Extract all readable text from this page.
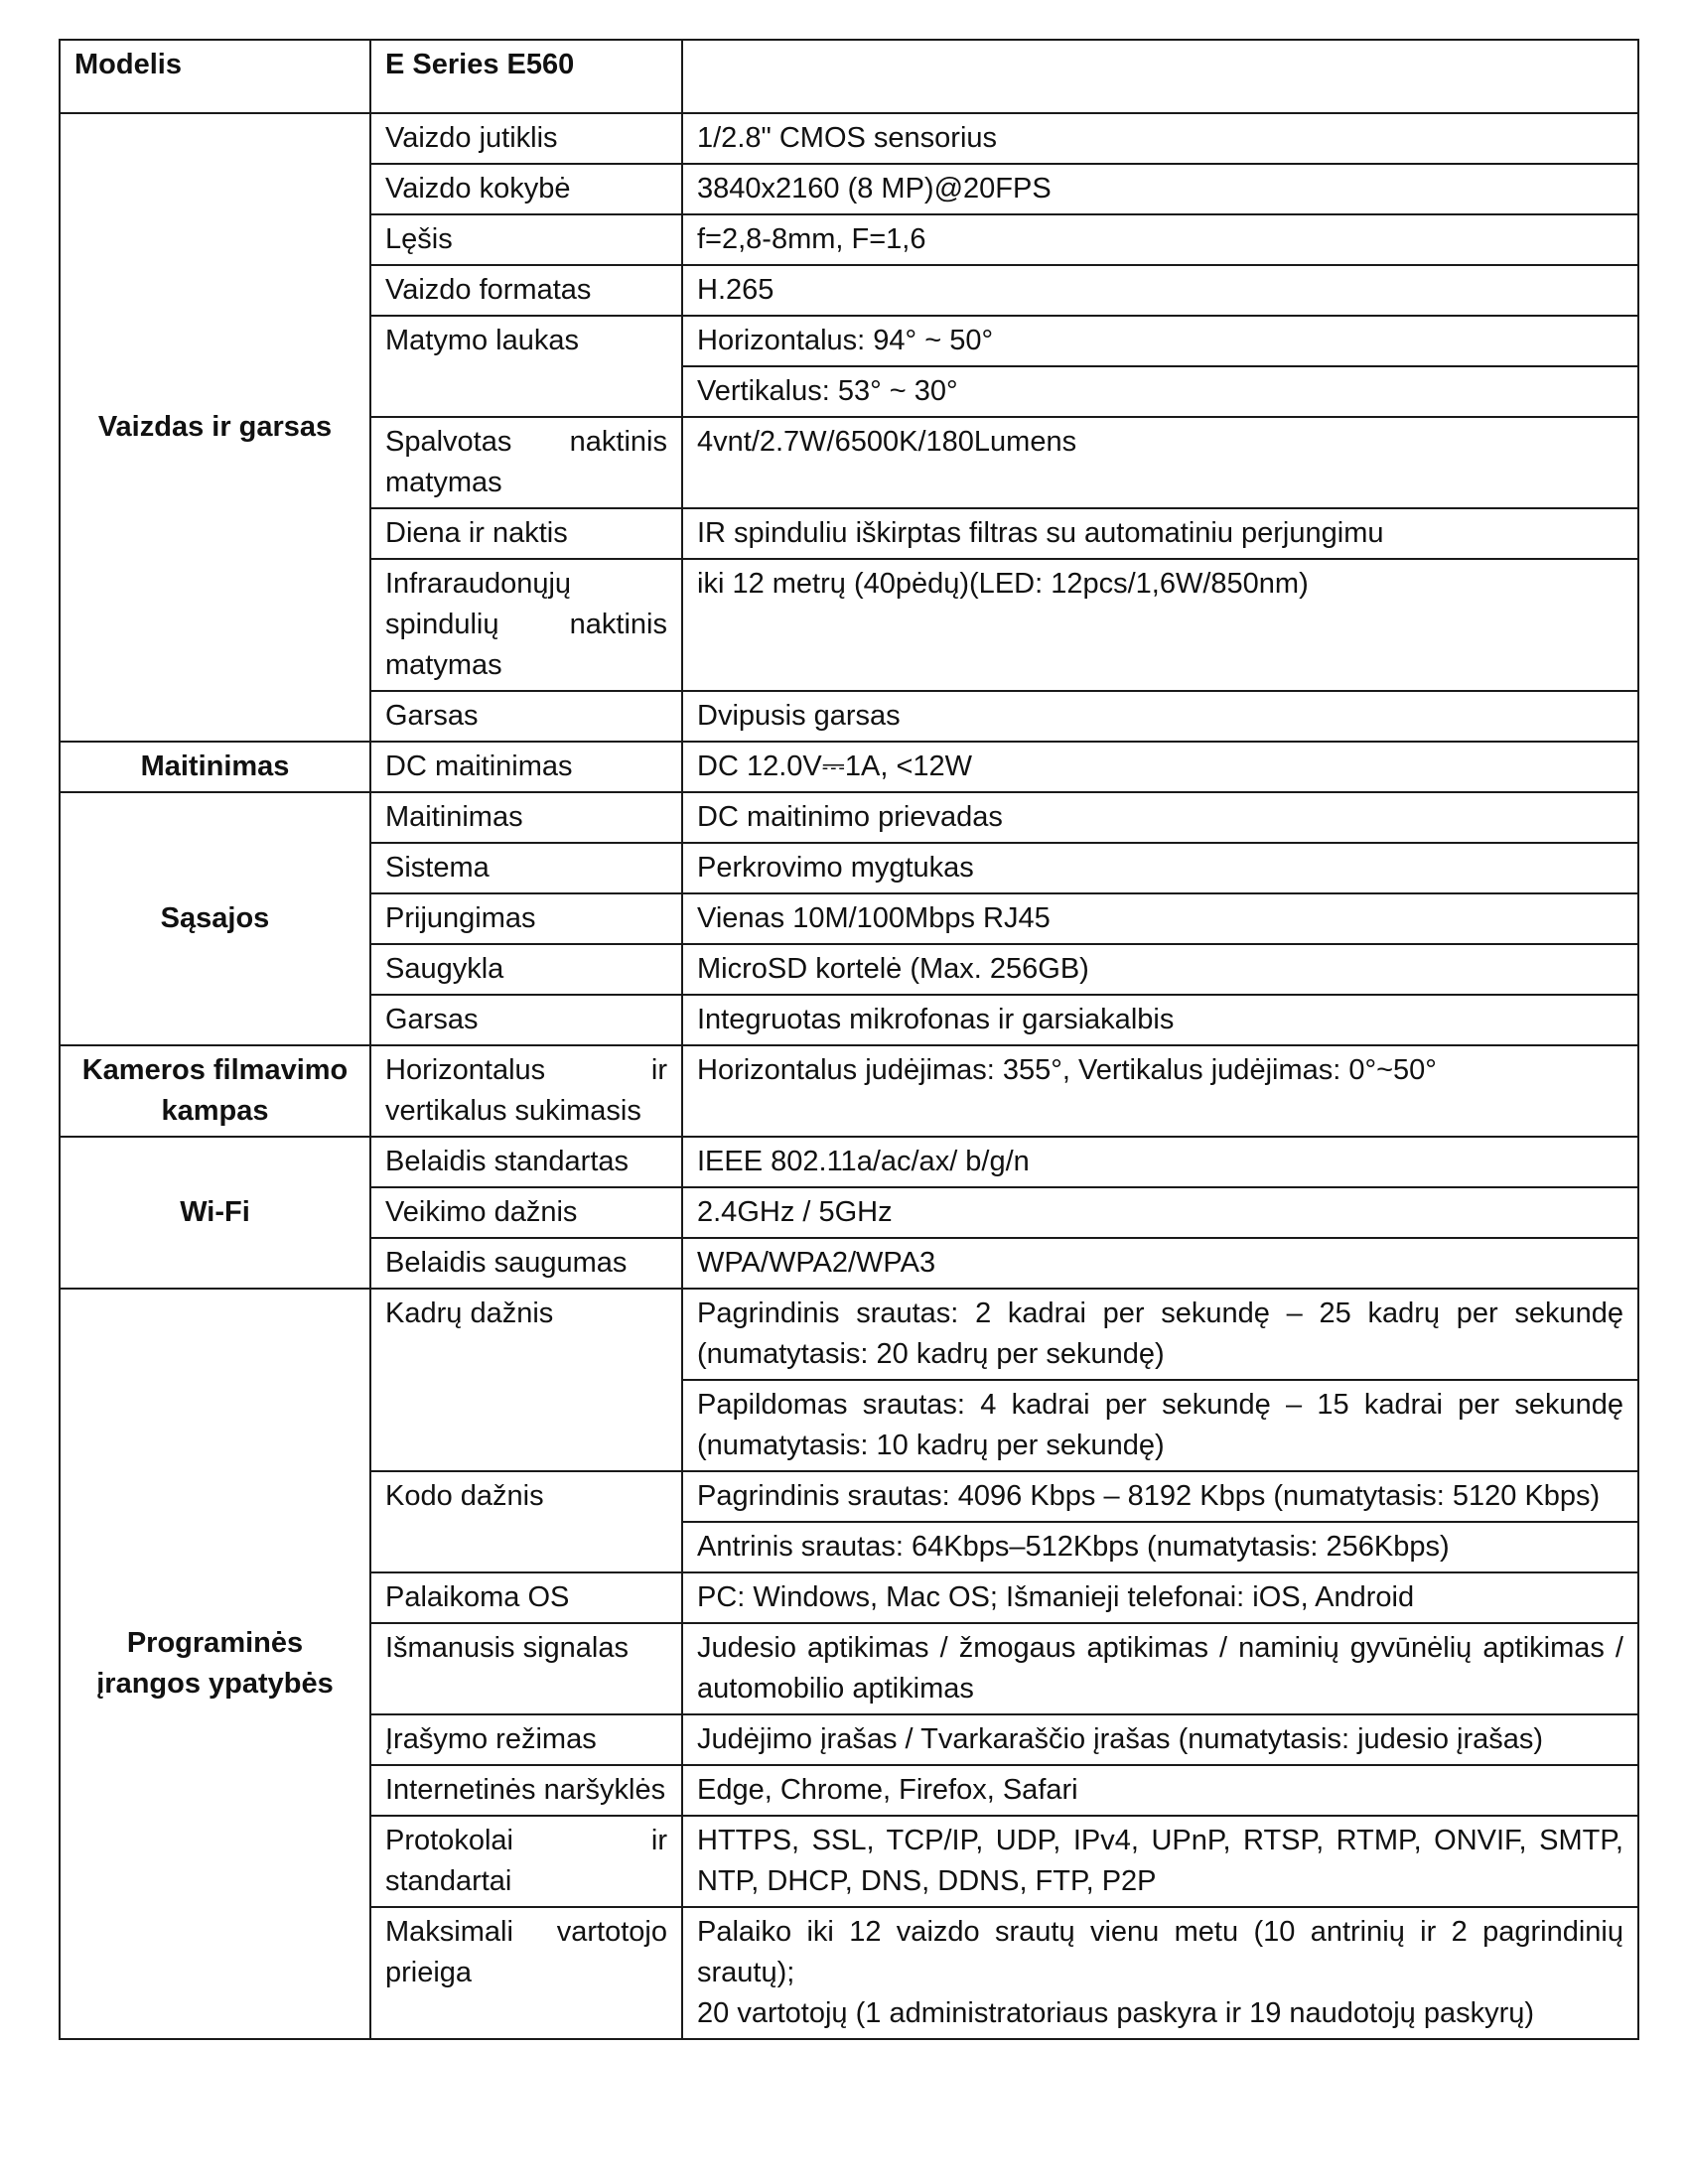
Modelis	E Series E560	
Vaizdas ir garsas	Vaizdo jutiklis	1/2.8" CMOS sensorius
	Vaizdo kokybė	3840x2160 (8 MP)@20FPS
	Lęšis	f=2,8-8mm, F=1,6
	Vaizdo formatas	H.265
	Matymo laukas	Horizontalus: 94° ~ 50°
		Vertikalus: 53° ~ 30°
	Spalvotas naktinis matymas	4vnt/2.7W/6500K/180Lumens
	Diena ir naktis	IR spinduliu iškirptas filtras su automatiniu perjungimu
	Infraraudonųjų spindulių naktinis matymas	iki 12 metrų (40pėdų)(LED: 12pcs/1,6W/850nm)
	Garsas	Dvipusis garsas
Maitinimas	DC maitinimas	DC 12.0V⎓1A, <12W
Sąsajos	Maitinimas	DC maitinimo prievadas
	Sistema	Perkrovimo mygtukas
	Prijungimas	Vienas 10M/100Mbps RJ45
	Saugykla	MicroSD kortelė (Max. 256GB)
	Garsas	Integruotas mikrofonas ir garsiakalbis
Kameros filmavimo kampas	Horizontalus ir vertikalus sukimasis	Horizontalus judėjimas: 355°, Vertikalus judėjimas: 0°~50°
Wi-Fi	Belaidis standartas	IEEE 802.11a/ac/ax/ b/g/n
	Veikimo dažnis	2.4GHz / 5GHz
	Belaidis saugumas	WPA/WPA2/WPA3
Programinės įrangos ypatybės	Kadrų dažnis	Pagrindinis srautas: 2 kadrai per sekundę – 25 kadrų per sekundę (numatytasis: 20 kadrų per sekundę)
		Papildomas srautas: 4 kadrai per sekundę – 15 kadrai per sekundę (numatytasis: 10 kadrų per sekundę)
	Kodo dažnis	Pagrindinis srautas: 4096 Kbps – 8192 Kbps (numatytasis: 5120 Kbps)
		Antrinis srautas: 64Kbps–512Kbps (numatytasis: 256Kbps)
	Palaikoma OS	PC: Windows, Mac OS; Išmanieji telefonai: iOS, Android
	Išmanusis signalas	Judesio aptikimas / žmogaus aptikimas / naminių gyvūnėlių aptikimas / automobilio aptikimas
	Įrašymo režimas	Judėjimo įrašas / Tvarkaraščio įrašas (numatytasis: judesio įrašas)
	Internetinės naršyklės	Edge, Chrome, Firefox, Safari
	Protokolai ir standartai	HTTPS, SSL, TCP/IP, UDP, IPv4, UPnP, RTSP, RTMP, ONVIF, SMTP, NTP, DHCP, DNS, DDNS, FTP, P2P
	Maksimali vartotojo prieiga	Palaiko iki 12 vaizdo srautų vienu metu (10 antrinių ir 2 pagrindinių srautų);
20 vartotojų (1 administratoriaus paskyra ir 19 naudotojų paskyrų)
